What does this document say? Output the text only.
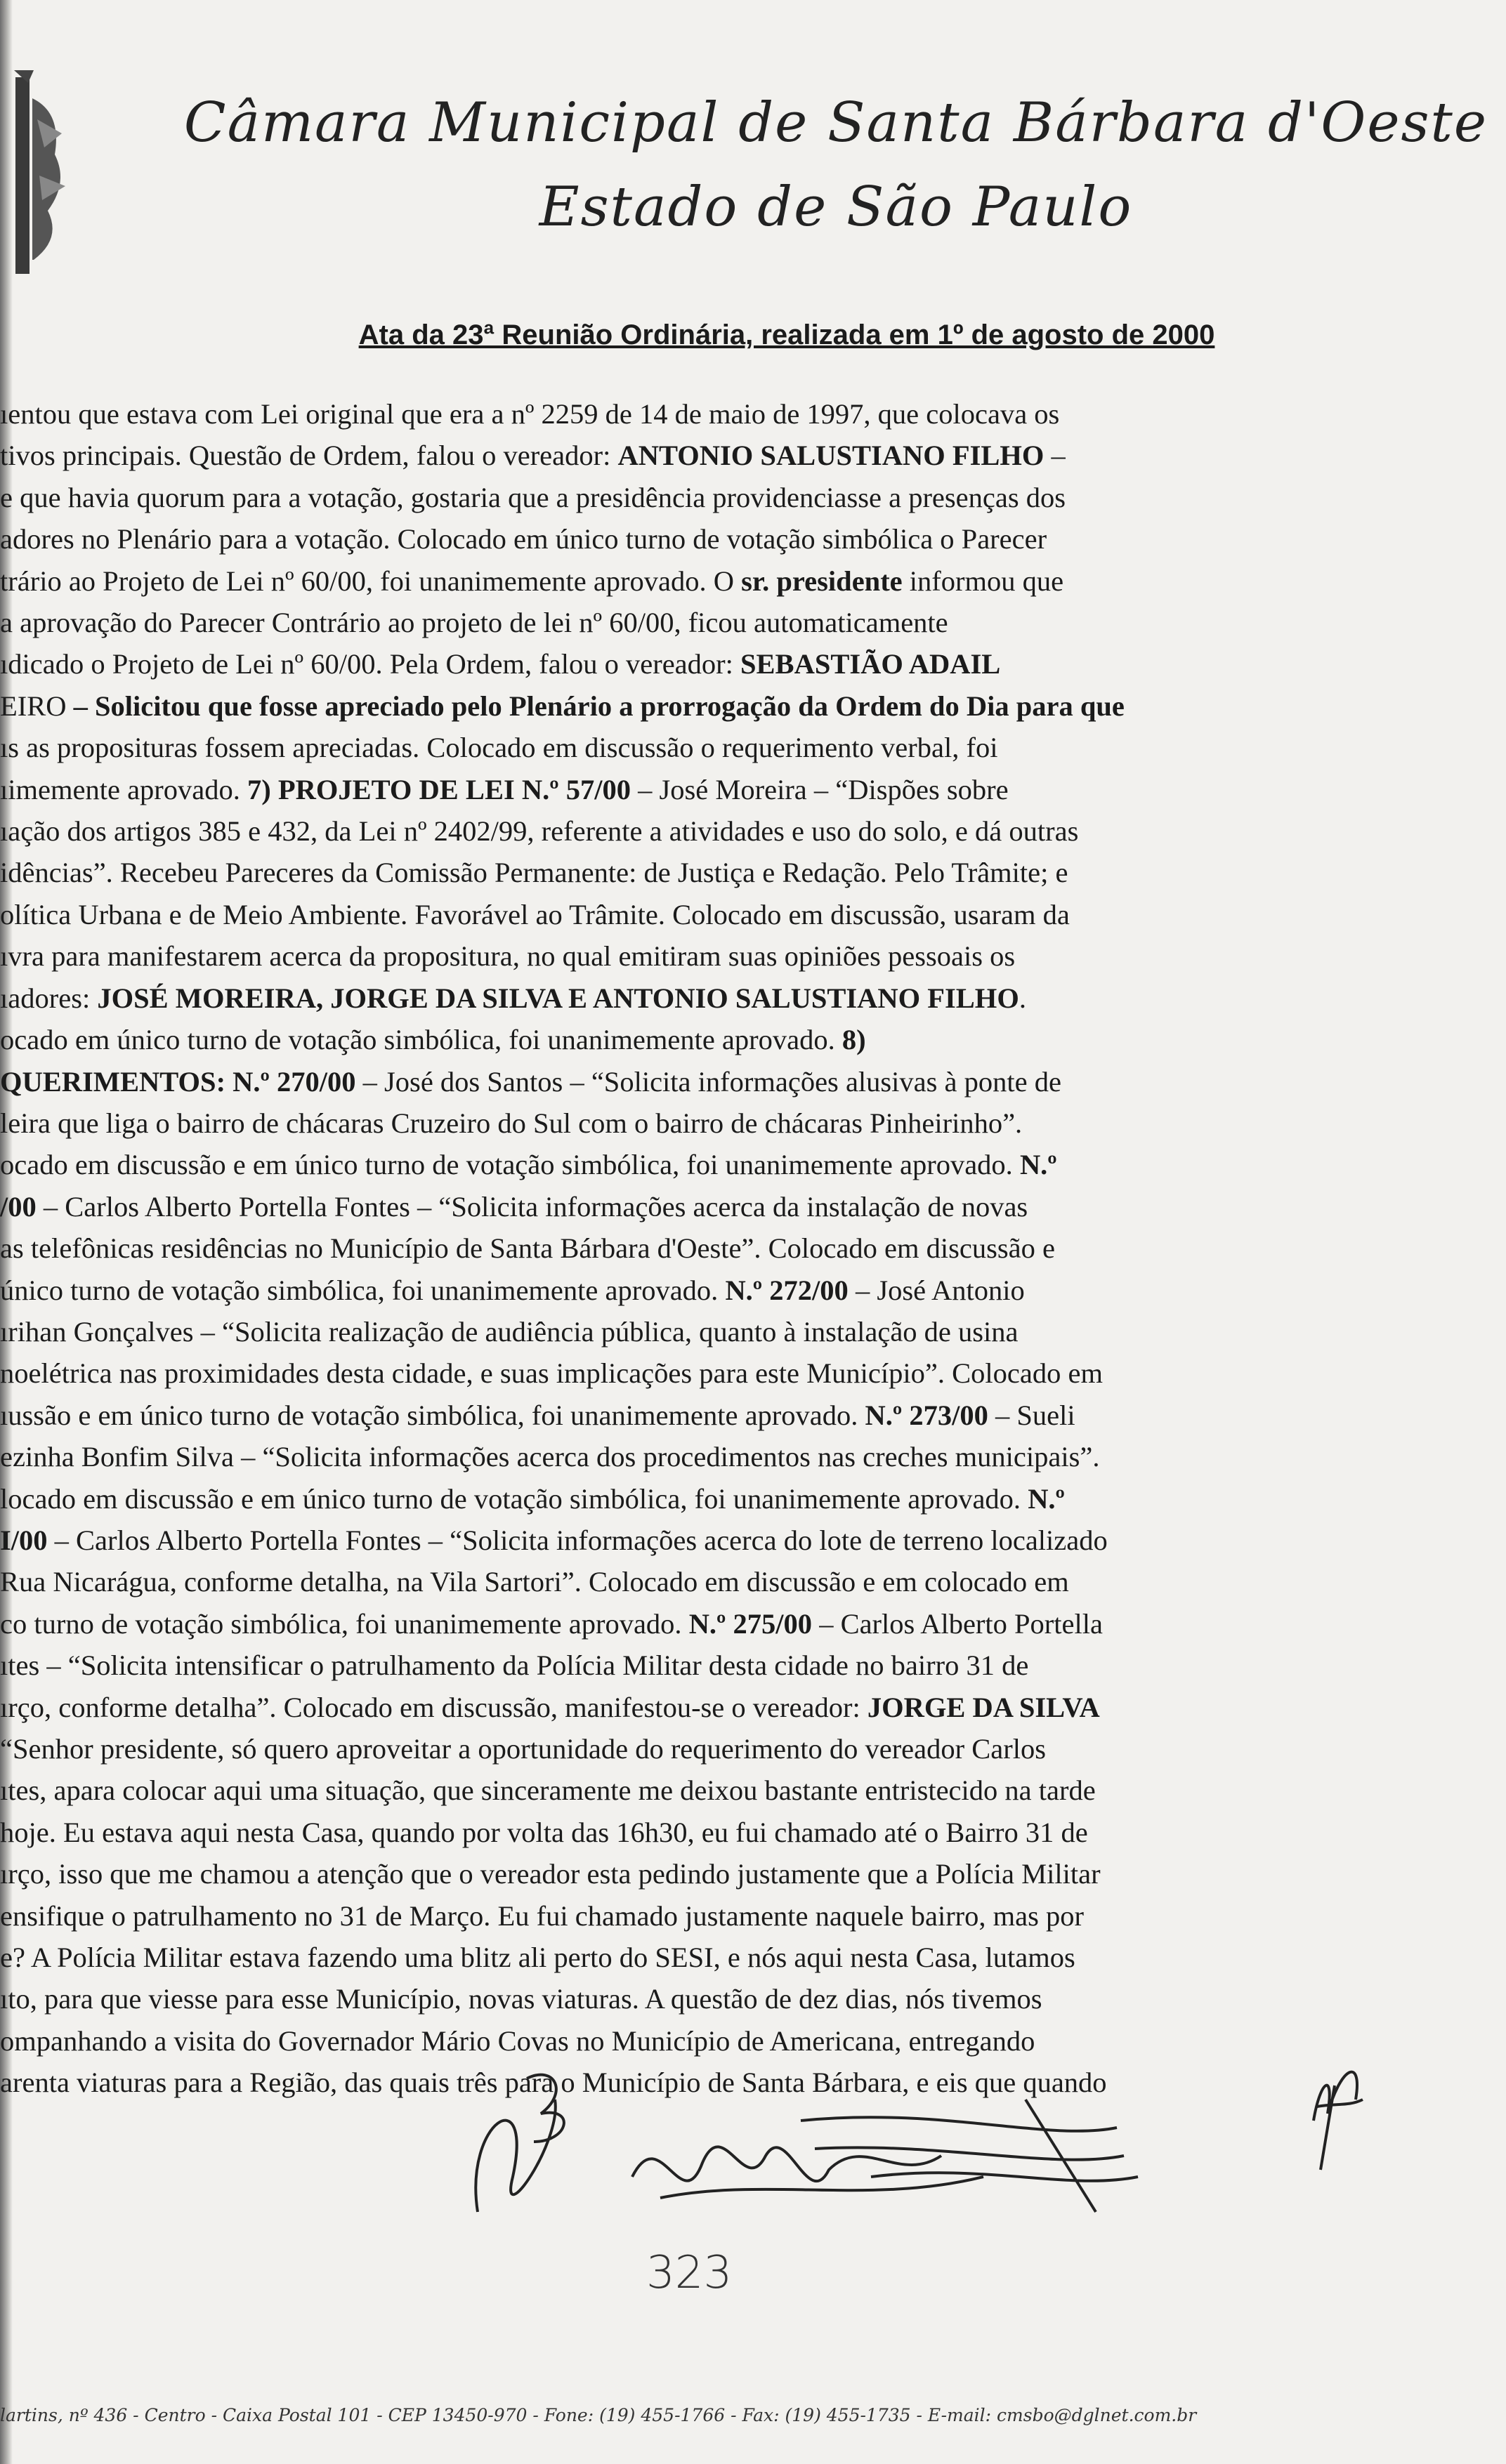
Câmara Municipal de Santa Bárbara d'Oeste
Estado de São Paulo
Ata da 23ª Reunião Ordinária, realizada em 1º de agosto de 2000

ıentou que estava com Lei original que era a nº 2259 de 14 de maio de 1997, que colocava os

tivos principais. Questão de Ordem, falou o vereador: ANTONIO SALUSTIANO FILHO –

e que havia quorum para a votação, gostaria que a presidência providenciasse a presenças dos

adores no Plenário para a votação. Colocado em único turno de votação simbólica o Parecer

trário ao Projeto de Lei nº 60/00, foi unanimemente aprovado. O sr. presidente informou que

a aprovação do Parecer Contrário ao projeto de lei nº 60/00, ficou automaticamente

ıdicado o Projeto de Lei nº 60/00. Pela Ordem, falou o vereador: SEBASTIÃO ADAIL

EIRO – Solicitou que fosse apreciado pelo Plenário a prorrogação da Ordem do Dia para que

ıs as proposituras fossem apreciadas. Colocado em discussão o requerimento verbal, foi

ıimemente aprovado. 7) PROJETO DE LEI N.º 57/00 – José Moreira – “Dispões sobre

ıação dos artigos 385 e 432, da Lei nº 2402/99, referente a atividades e uso do solo, e dá outras

idências”. Recebeu Pareceres da Comissão Permanente: de Justiça e Redação. Pelo Trâmite; e

olítica Urbana e de Meio Ambiente. Favorável ao Trâmite. Colocado em discussão, usaram da

ıvra para manifestarem acerca da propositura, no qual emitiram suas opiniões pessoais os

ıadores: JOSÉ MOREIRA, JORGE DA SILVA E ANTONIO SALUSTIANO FILHO.

ocado em único turno de votação simbólica, foi unanimemente aprovado. 8)

QUERIMENTOS: N.º 270/00 – José dos Santos – “Solicita informações alusivas à ponte de

leira que liga o bairro de chácaras Cruzeiro do Sul com o bairro de chácaras Pinheirinho”.

ocado em discussão e em único turno de votação simbólica, foi unanimemente aprovado. N.º

/00 – Carlos Alberto Portella Fontes – “Solicita informações acerca da instalação de novas

as telefônicas residências no Município de Santa Bárbara d'Oeste”. Colocado em discussão e

único turno de votação simbólica, foi unanimemente aprovado. N.º 272/00 – José Antonio

ırihan Gonçalves – “Solicita realização de audiência pública, quanto à instalação de usina

noelétrica nas proximidades desta cidade, e suas implicações para este Município”. Colocado em

ıussão e em único turno de votação simbólica, foi unanimemente aprovado. N.º 273/00 – Sueli

ezinha Bonfim Silva – “Solicita informações acerca dos procedimentos nas creches municipais”.

locado em discussão e em único turno de votação simbólica, foi unanimemente aprovado. N.º

I/00 – Carlos Alberto Portella Fontes – “Solicita informações acerca do lote de terreno localizado

Rua Nicarágua, conforme detalha, na Vila Sartori”. Colocado em discussão e em colocado em

co turno de votação simbólica, foi unanimemente aprovado. N.º 275/00 – Carlos Alberto Portella

ıtes – “Solicita intensificar o patrulhamento da Polícia Militar desta cidade no bairro 31 de

ırço, conforme detalha”. Colocado em discussão, manifestou-se o vereador: JORGE DA SILVA

“Senhor presidente, só quero aproveitar a oportunidade do requerimento do vereador Carlos

ıtes, apara colocar aqui uma situação, que sinceramente me deixou bastante entristecido na tarde

hoje. Eu estava aqui nesta Casa, quando por volta das 16h30, eu fui chamado até o Bairro 31 de

ırço, isso que me chamou a atenção que o vereador esta pedindo justamente que a Polícia Militar

ensifique o patrulhamento no 31 de Março. Eu fui chamado justamente naquele bairro, mas por

e? A Polícia Militar estava fazendo uma blitz ali perto do SESI, e nós aqui nesta Casa, lutamos

ıto, para que viesse para esse Município, novas viaturas. A questão de dez dias, nós tivemos

ompanhando a visita do Governador Mário Covas no Município de Americana, entregando

arenta viaturas para a Região, das quais três para o Município de Santa Bárbara, e eis que quando

323
lartins, nº 436 - Centro - Caixa Postal 101 - CEP 13450-970 - Fone: (19) 455-1766 - Fax: (19) 455-1735 - E-mail: cmsbo@dglnet.com.br
